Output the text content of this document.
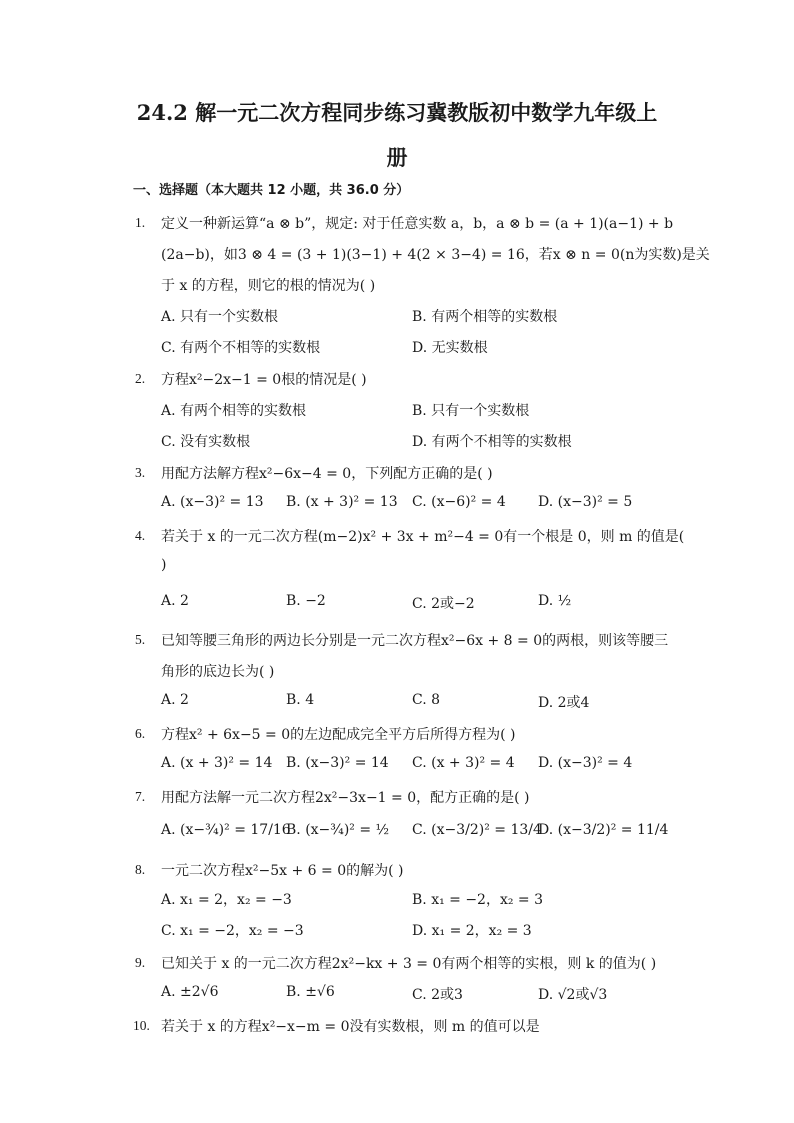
24.2 解一元二次方程同步练习冀教版初中数学九年级上
册
一、选择题（本大题共 12 小题，共 36.0 分）
1. 定义一种新运算“a ⊗ b”，规定: 对于任意实数 a，b，a ⊗ b = (a + 1)(a−1) + b
(2a−b)，如3 ⊗ 4 = (3 + 1)(3−1) + 4(2 × 3−4) = 16，若x ⊗ n = 0(n为实数)是关
于 x 的方程，则它的根的情况为( )
A. 只有一个实数根	B. 有两个相等的实数根
C. 有两个不相等的实数根	D. 无实数根
2. 方程x²−2x−1 = 0根的情况是( )
A. 有两个相等的实数根	B. 只有一个实数根
C. 没有实数根	D. 有两个不相等的实数根
3. 用配方法解方程x²−6x−4 = 0，下列配方正确的是( )
A. (x−3)² = 13 B. (x + 3)² = 13 C. (x−6)² = 4 D. (x−3)² = 5
4. 若关于 x 的一元二次方程(m−2)x² + 3x + m²−4 = 0有一个根是 0，则 m 的值是(
)
A. 2	B. −2	C. 2或−2	D. ½
5. 已知等腰三角形的两边长分别是一元二次方程x²−6x + 8 = 0的两根，则该等腰三
角形的底边长为( )
A. 2	B. 4	C. 8	D. 2或4
6. 方程x² + 6x−5 = 0的左边配成完全平方后所得方程为( )
A. (x + 3)² = 14 B. (x−3)² = 14 C. (x + 3)² = 4 D. (x−3)² = 4
7. 用配方法解一元二次方程2x²−3x−1 = 0，配方正确的是( )
A. (x−¾)² = 17/16
B. (x−¾)² = ½ C. (x−3/2)² = 13/4
D. (x−3/2)² = 11/4
8. 一元二次方程x²−5x + 6 = 0的解为( )
A. x₁ = 2，x₂ = −3	B. x₁ = −2，x₂ = 3
C. x₁ = −2，x₂ = −3	D. x₁ = 2，x₂ = 3
9. 已知关于 x 的一元二次方程2x²−kx + 3 = 0有两个相等的实根，则 k 的值为( )
A. ±2√6	B. ±√6	C. 2或3	D. √2或√3
10. 若关于 x 的方程x²−x−m = 0没有实数根，则 m 的值可以是
